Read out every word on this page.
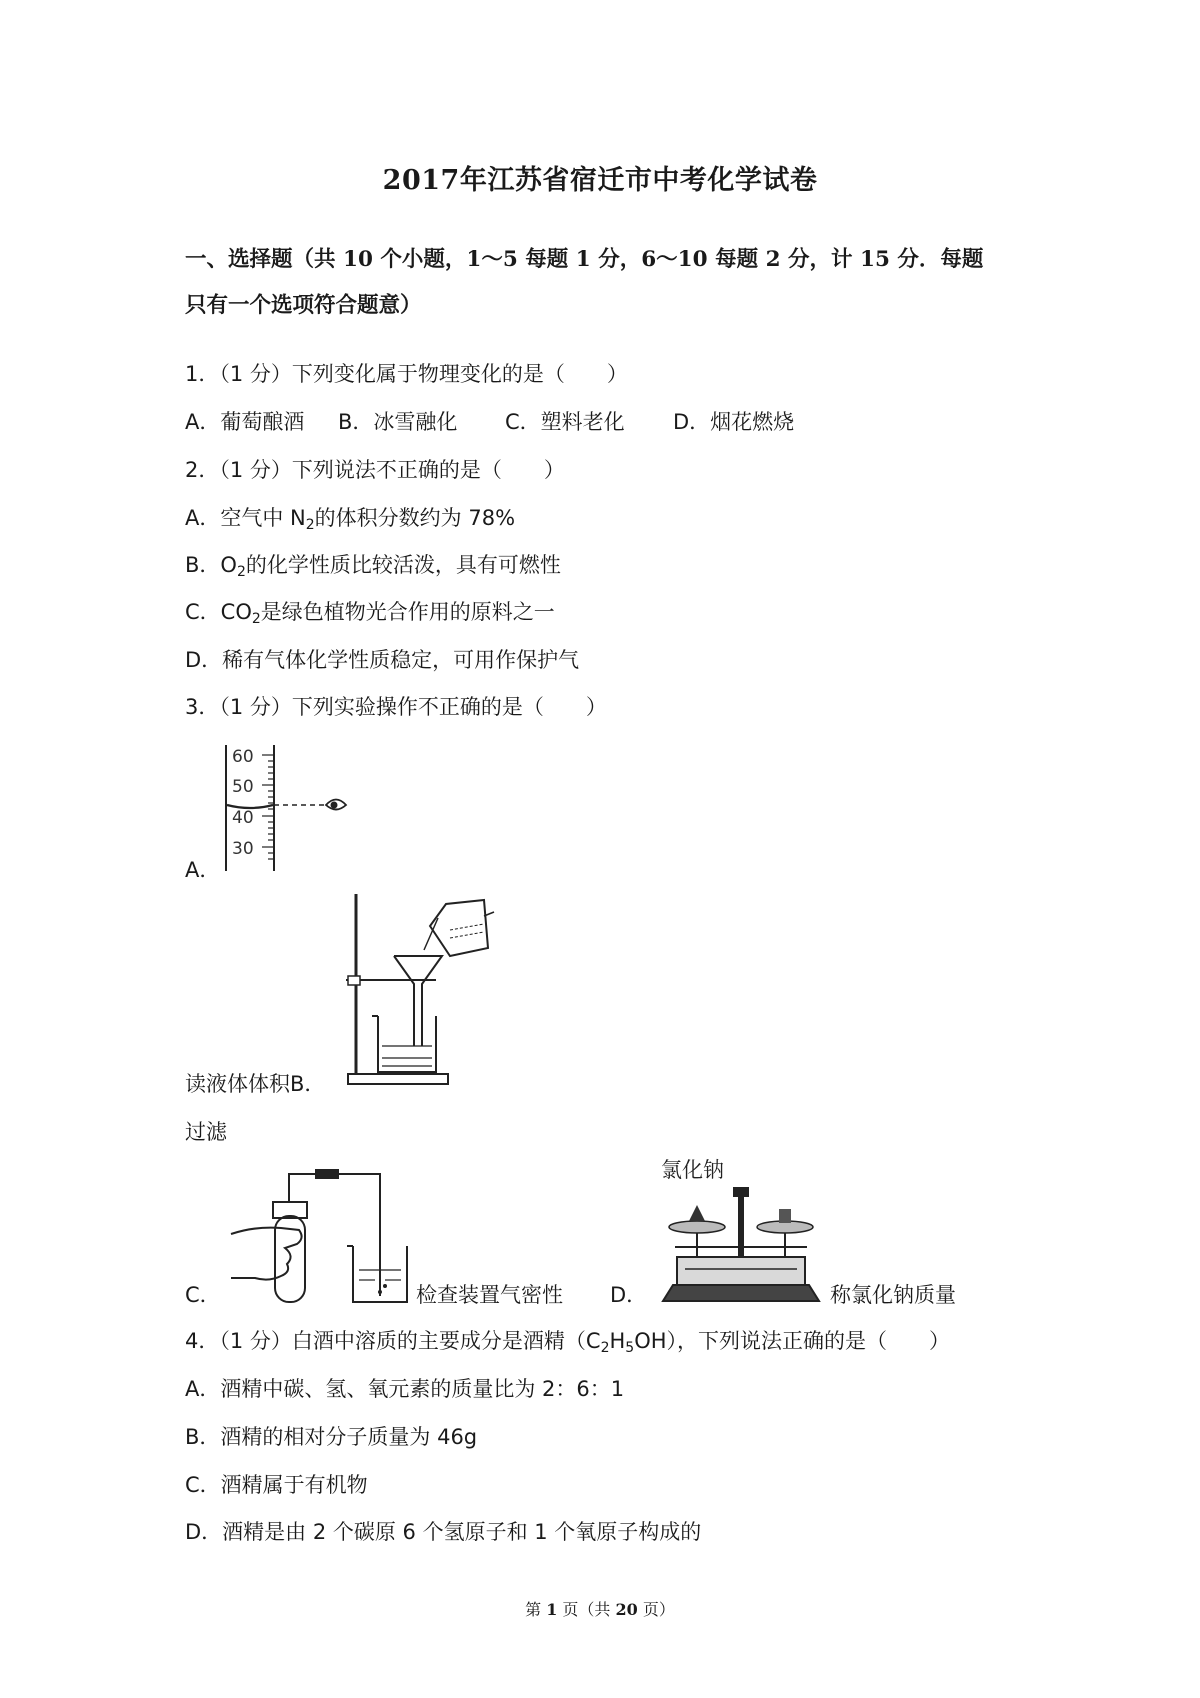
2017年江苏省宿迁市中考化学试卷
一、选择题（共 10 个小题，1～5 每题 1 分，6～10 每题 2 分，计 15 分．每题
只有一个选项符合题意）
1．（1 分）下列变化属于物理变化的是（　　）
A．葡萄酿酒 B．冰雪融化 C．塑料老化 D．烟花燃烧
2．（1 分）下列说法不正确的是（　　）
A．空气中 $N_2$的体积分数约为 78%
B．$O_2$的化学性质比较活泼，具有可燃性
C．$CO_2$是绿色植物光合作用的原料之一
D．稀有气体化学性质稳定，可用作保护气
3．（1 分）下列实验操作不正确的是（　　）
60
50
40
30
A．
读液体体积B．
过滤
C．	检查装置气密性
氯化钠
D．	称氯化钠质量
4．（1 分）白酒中溶质的主要成分是酒精$(C_2H_5OH)$，下列说法正确的是（　　）
A．酒精中碳、氢、氧元素的质量比为 2：6：1
B．酒精的相对分子质量为 46g
C．酒精属于有机物
D．酒精是由 2 个碳原 6 个氢原子和 1 个氧原子构成的
第 1 页（共 20 页）
